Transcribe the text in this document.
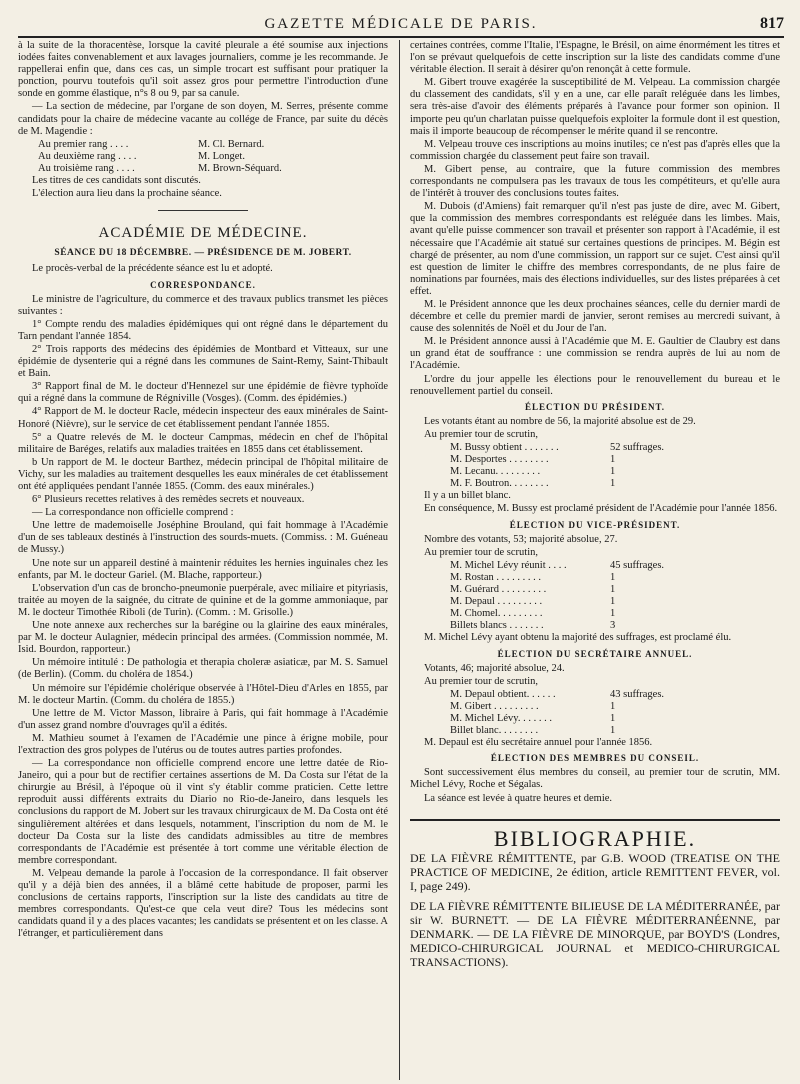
GAZETTE MÉDICALE DE PARIS.	817

à la suite de la thoracentèse, lorsque la cavité pleurale a été soumise aux injections iodées faites convenablement et aux lavages journaliers, comme je les recommande. Je rappellerai enfin que, dans ces cas, un simple trocart est suffisant pour pratiquer la ponction, pourvu toutefois qu'il soit assez gros pour permettre l'introduction d'une sonde en gomme élastique, n°s 8 ou 9, par sa canule.

— La section de médecine, par l'organe de son doyen, M. Serres, présente comme candidats pour la chaire de médecine vacante au collége de France, par suite du décès de M. Magendie :

Au premier rang . . . .	M. Cl. Bernard.
Au deuxième rang . . . .	M. Longet.
Au troisième rang . . . .	M. Brown-Séquard.

Les titres de ces candidats sont discutés.

L'élection aura lieu dans la prochaine séance.

ACADÉMIE DE MÉDECINE.
SÉANCE DU 18 DÉCEMBRE. — PRÉSIDENCE DE M. JOBERT.

Le procès-verbal de la précédente séance est lu et adopté.

CORRESPONDANCE.

Le ministre de l'agriculture, du commerce et des travaux publics transmet les pièces suivantes :

1° Compte rendu des maladies épidémiques qui ont régné dans le département du Tarn pendant l'année 1854.

2° Trois rapports des médecins des épidémies de Montbard et Vitteaux, sur une épidémie de dysenterie qui a régné dans les communes de Saint-Remy, Saint-Thibault et Bain.

3° Rapport final de M. le docteur d'Hennezel sur une épidémie de fièvre typhoïde qui a régné dans la commune de Régniville (Vosges). (Comm. des épidémies.)

4° Rapport de M. le docteur Racle, médecin inspecteur des eaux minérales de Saint-Honoré (Nièvre), sur le service de cet établissement pendant l'année 1855.

5° a Quatre relevés de M. le docteur Campmas, médecin en chef de l'hôpital militaire de Baréges, relatifs aux maladies traitées en 1855 dans cet établissement.

b Un rapport de M. le docteur Barthez, médecin principal de l'hôpital militaire de Vichy, sur les maladies au traitement desquelles les eaux minérales de cet établissement ont été appliquées pendant l'année 1855. (Comm. des eaux minérales.)

6° Plusieurs recettes relatives à des remèdes secrets et nouveaux.

— La correspondance non officielle comprend :

Une lettre de mademoiselle Joséphine Brouland, qui fait hommage à l'Académie d'un de ses tableaux destinés à l'instruction des sourds-muets. (Commiss. : M. Guéneau de Mussy.)

Une note sur un appareil destiné à maintenir réduites les hernies inguinales chez les enfants, par M. le docteur Gariel. (M. Blache, rapporteur.)

L'observation d'un cas de broncho-pneumonie puerpérale, avec miliaire et pityriasis, traitée au moyen de la saignée, du citrate de quinine et de la gomme ammoniaque, par M. le docteur Timothée Riboli (de Turin). (Comm. : M. Grisolle.)

Une note annexe aux recherches sur la barégine ou la glairine des eaux minérales, par M. le docteur Aulagnier, médecin principal des armées. (Commission nommée, M. Isid. Bourdon, rapporteur.)

Un mémoire intitulé : De pathologia et therapia choleræ asiaticæ, par M. S. Samuel (de Berlin). (Comm. du choléra de 1854.)

Un mémoire sur l'épidémie cholérique observée à l'Hôtel-Dieu d'Arles en 1855, par M. le docteur Martin. (Comm. du choléra de 1855.)

Une lettre de M. Victor Masson, libraire à Paris, qui fait hommage à l'Académie d'un assez grand nombre d'ouvrages qu'il a édités.

M. Mathieu soumet à l'examen de l'Académie une pince à érigne mobile, pour l'extraction des gros polypes de l'utérus ou de toutes autres parties profondes.

— La correspondance non officielle comprend encore une lettre datée de Rio-Janeiro, qui a pour but de rectifier certaines assertions de M. Da Costa sur l'état de la chirurgie au Brésil, à l'époque où il vint s'y établir comme praticien. Cette lettre reproduit aussi différents extraits du Diario no Rio-de-Janeiro, dans lesquels les conclusions du rapport de M. Jobert sur les travaux chirurgicaux de M. Da Costa ont été singulièrement altérées et dans lesquels, notamment, l'inscription du nom de M. le docteur Da Costa sur la liste des candidats admissibles au titre de membres correspondants de l'Académie est présentée à tort comme une véritable élection de membre correspondant.

M. Velpeau demande la parole à l'occasion de la correspondance. Il fait observer qu'il y a déjà bien des années, il a blâmé cette habitude de proposer, parmi les conclusions de certains rapports, l'inscription sur la liste des candidats au titre de membres correspondants. Qu'est-ce que cela veut dire? Tous les médecins sont candidats quand il y a des places vacantes; les candidats se présentent et on les classe. A l'étranger, et particulièrement dans

certaines contrées, comme l'Italie, l'Espagne, le Brésil, on aime énormément les titres et l'on se prévaut quelquefois de cette inscription sur la liste des candidats comme d'une véritable élection. Il serait à désirer qu'on renonçât à cette formule.

M. Gibert trouve exagérée la susceptibilité de M. Velpeau. La commission chargée du classement des candidats, s'il y en a une, car elle paraît reléguée dans les limbes, sera très-aise d'avoir des éléments préparés à l'avance pour former son opinion. Il importe peu qu'un charlatan puisse quelquefois exploiter la formule dont il est question, mais il importe beaucoup de récompenser le mérite quand il se rencontre.

M. Velpeau trouve ces inscriptions au moins inutiles; ce n'est pas d'après elles que la commission chargée du classement peut faire son travail.

M. Gibert pense, au contraire, que la future commission des membres correspondants ne compulsera pas les travaux de tous les compétiteurs, et qu'elle aura de l'intérêt à trouver des conclusions toutes faites.

M. Dubois (d'Amiens) fait remarquer qu'il n'est pas juste de dire, avec M. Gibert, que la commission des membres correspondants est reléguée dans les limbes. Mais, avant qu'elle puisse commencer son travail et présenter son rapport à l'Académie, il est nécessaire que l'Académie ait statué sur certaines questions de principes. M. Bégin est chargé de présenter, au nom d'une commission, un rapport sur ce sujet. C'est ainsi qu'il est question de limiter le chiffre des membres correspondants, de ne plus faire de nominations par fournées, mais des élections individuelles, sur des listes préparées à cet effet.

M. le Président annonce que les deux prochaines séances, celle du dernier mardi de décembre et celle du premier mardi de janvier, seront remises au mercredi suivant, à cause des solennités de Noël et du Jour de l'an.

M. le Président annonce aussi à l'Académie que M. E. Gaultier de Claubry est dans un grand état de souffrance : une commission se rendra auprès de lui au nom de l'Académie.

L'ordre du jour appelle les élections pour le renouvellement du bureau et le renouvellement partiel du conseil.

ÉLECTION DU PRÉSIDENT.

Les votants étant au nombre de 56, la majorité absolue est de 29.

Au premier tour de scrutin,

M. Bussy obtient . . . . . . .	52 suffrages.
M. Desportes . . . . . . . .	1
M. Lecanu. . . . . . . . .	1
M. F. Boutron. . . . . . . .	1

Il y a un billet blanc.

En conséquence, M. Bussy est proclamé président de l'Académie pour l'année 1856.

ÉLECTION DU VICE-PRÉSIDENT.

Nombre des votants, 53; majorité absolue, 27.

Au premier tour de scrutin,

M. Michel Lévy réunit . . . .	45 suffrages.
M. Rostan . . . . . . . . .	1
M. Guérard . . . . . . . . .	1
M. Depaul . . . . . . . . .	1
M. Chomel. . . . . . . . .	1
Billets blancs . . . . . . .	3

M. Michel Lévy ayant obtenu la majorité des suffrages, est proclamé élu.

ÉLECTION DU SECRÉTAIRE ANNUEL.

Votants, 46; majorité absolue, 24.

Au premier tour de scrutin,

M. Depaul obtient. . . . . .	43 suffrages.
M. Gibert . . . . . . . . .	1
M. Michel Lévy. . . . . . .	1
Billet blanc. . . . . . . .	1

M. Depaul est élu secrétaire annuel pour l'année 1856.

ÉLECTION DES MEMBRES DU CONSEIL.

Sont successivement élus membres du conseil, au premier tour de scrutin, MM. Michel Lévy, Roche et Ségalas.

La séance est levée à quatre heures et demie.

BIBLIOGRAPHIE.

DE LA FIÈVRE RÉMITTENTE, par G.B. WOOD (TREATISE ON THE PRACTICE OF MEDICINE, 2e édition, article REMITTENT FEVER, vol. I, page 249).

DE LA FIÈVRE RÉMITTENTE BILIEUSE DE LA MÉDITERRANÉE, par sir W. BURNETT. — DE LA FIÈVRE MÉDITERRANÉENNE, par DENMARK. — DE LA FIÈVRE DE MINORQUE, par BOYD'S (Londres, MEDICO-CHIRURGICAL JOURNAL et MEDICO-CHIRURGICAL TRANSACTIONS).
